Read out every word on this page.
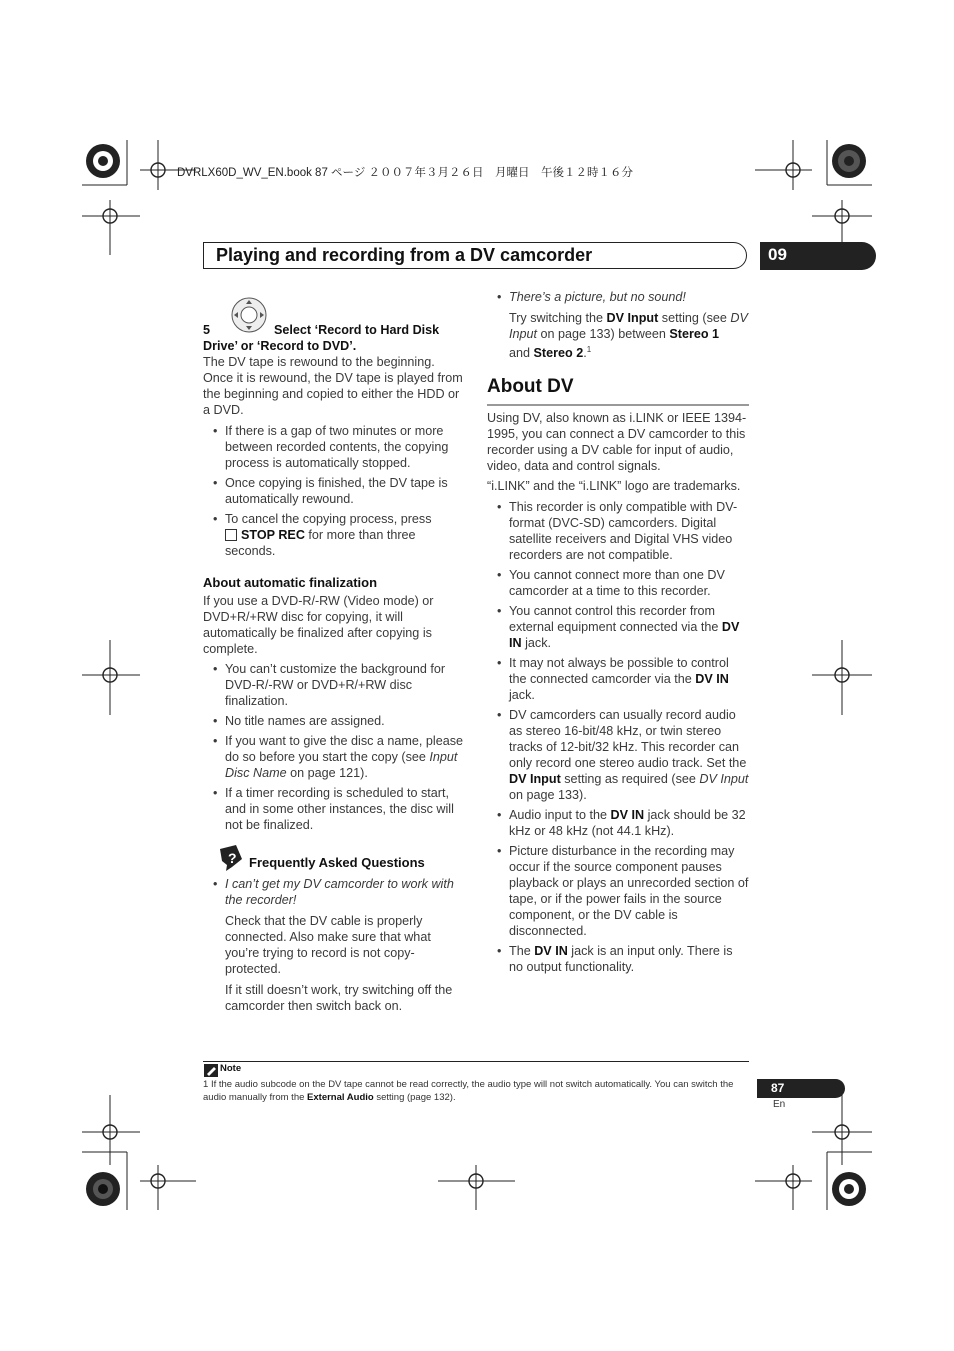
DVRLX60D_WV_EN.book 87 ページ ２００７年３月２６日　月曜日　午後１２時１６分
Playing and recording from a DV camcorder	09
5	Select ‘Record to Hard Disk
Drive’ or ‘Record to DVD’.
The DV tape is rewound to the beginning. Once it is rewound, the DV tape is played from the beginning and copied to either the HDD or a DVD.
• If there is a gap of two minutes or more between recorded contents, the copying process is automatically stopped.
• Once copying is finished, the DV tape is automatically rewound.
• To cancel the copying process, press
STOP REC for more than three seconds.
About automatic finalization
If you use a DVD-R/-RW (Video mode) or DVD+R/+RW disc for copying, it will automatically be finalized after copying is complete.
• You can’t customize the background for DVD-R/-RW or DVD+R/+RW disc finalization.
• No title names are assigned.
• If you want to give the disc a name, please do so before you start the copy (see Input Disc Name on page 121).
• If a timer recording is scheduled to start, and in some other instances, the disc will not be finalized.
? Frequently Asked Questions
• I can’t get my DV camcorder to work with the recorder!
Check that the DV cable is properly connected. Also make sure that what you’re trying to record is not copy-protected.
If it still doesn’t work, try switching off the camcorder then switch back on.
• There’s a picture, but no sound!
Try switching the DV Input setting (see DV Input on page 133) between Stereo 1
and Stereo 2.$^1$
About DV
Using DV, also known as i.LINK or IEEE 1394-1995, you can connect a DV camcorder to this recorder using a DV cable for input of audio, video, data and control signals.
“i.LINK” and the “i.LINK” logo are trademarks.
• This recorder is only compatible with DV-format (DVC-SD) camcorders. Digital satellite receivers and Digital VHS video recorders are not compatible.
• You cannot connect more than one DV camcorder at a time to this recorder.
• You cannot control this recorder from external equipment connected via the DV IN jack.
• It may not always be possible to control the connected camcorder via the DV IN jack.
• DV camcorders can usually record audio as stereo 16-bit/48 kHz, or twin stereo tracks of 12-bit/32 kHz. This recorder can only record one stereo audio track. Set the DV Input setting as required (see DV Input on page 133).
• Audio input to the DV IN jack should be 32 kHz or 48 kHz (not 44.1 kHz).
• Picture disturbance in the recording may occur if the source component pauses playback or plays an unrecorded section of tape, or if the power fails in the source component, or the DV cable is disconnected.
• The DV IN jack is an input only. There is no output functionality.
Note
1 If the audio subcode on the DV tape cannot be read correctly, the audio type will not switch automatically. You can switch the audio manually from the External Audio setting (page 132).
87
En
